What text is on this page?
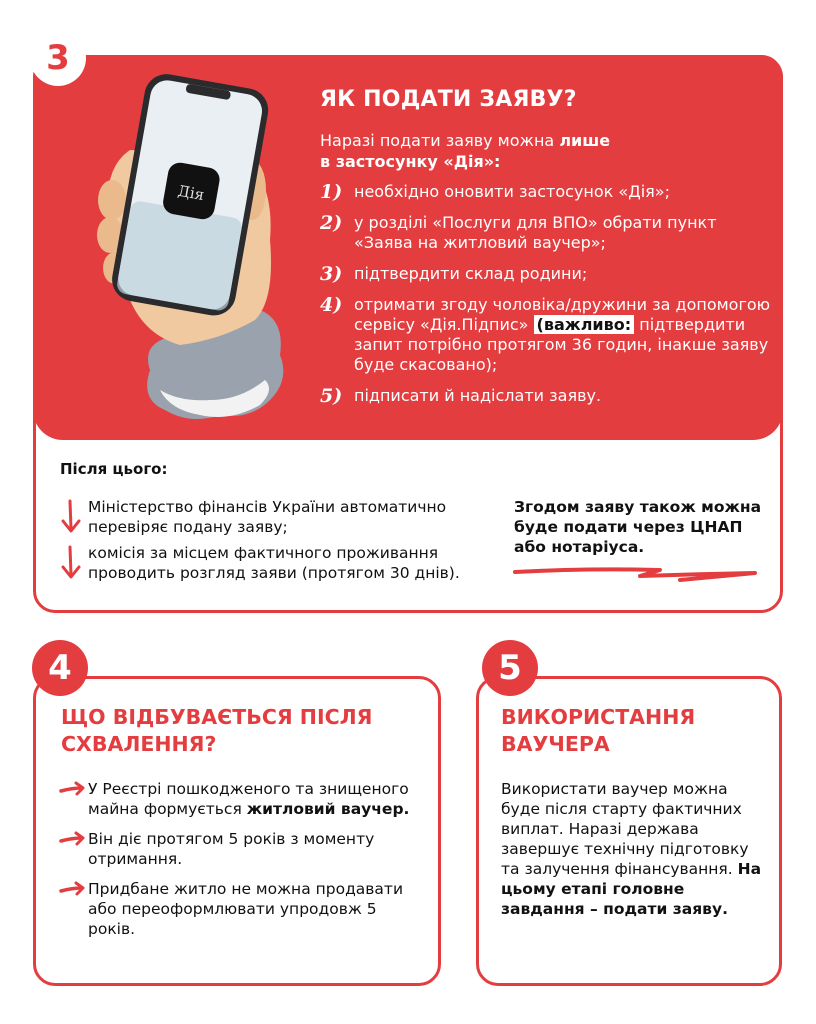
3
Дія
ЯК ПОДАТИ ЗАЯВУ?
Наразі подати заяву можна лише
в застосунку «Дія»:
1) необхідно оновити застосунок «Дія»;
2) у розділі «Послуги для ВПО» обрати пункт «Заява на житловий ваучер»;
3) підтвердити склад родини;
4) отримати згоду чоловіка/дружини за допомогою сервісу «Дія.Підпис» (важливо: підтвердити запит потрібно протягом 36 годин, інакше заяву буде скасовано);
5) підписати й надіслати заяву.
Після цього:
Міністерство фінансів України автоматично перевіряє подану заяву;
комісія за місцем фактичного проживання проводить розгляд заяви (протягом 30 днів).
Згодом заяву також можна буде подати через ЦНАП або нотаріуса.
ЩО ВІДБУВАЄТЬСЯ ПІСЛЯ СХВАЛЕННЯ?
У Реєстрі пошкодженого та знищеного майна формується житловий ваучер.
Він діє протягом 5 років з моменту отримання.
Придбане житло не можна продавати або переоформлювати упродовж 5 років.
4
ВИКОРИСТАННЯ ВАУЧЕРА
Використати ваучер можна буде після старту фактичних виплат. Наразі держава завершує технічну підготовку та залучення фінансування. На цьому етапі головне завдання – подати заяву.
5
